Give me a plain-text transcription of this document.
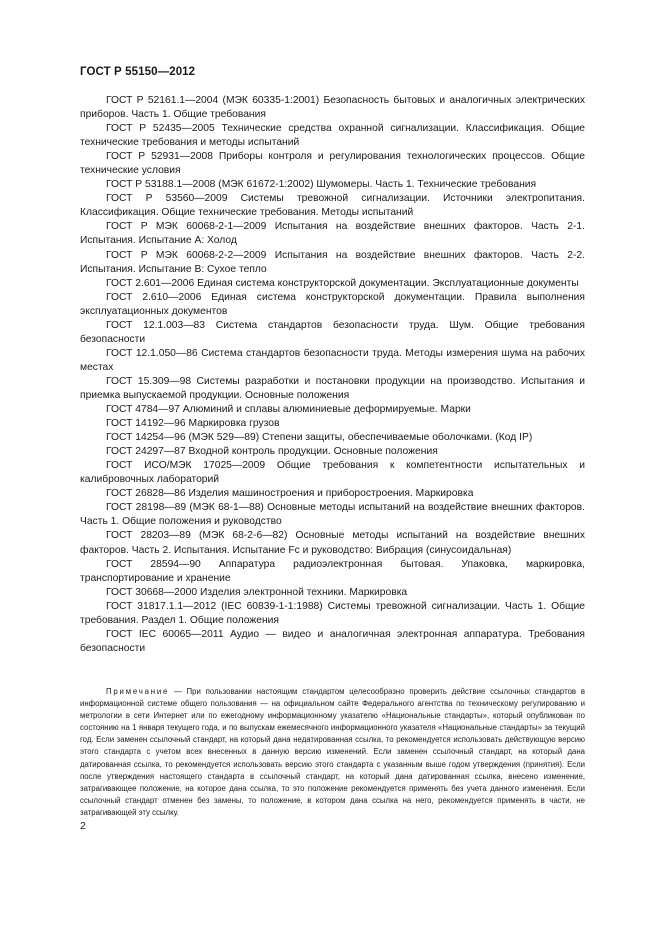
ГОСТ Р 55150—2012

ГОСТ Р 52161.1—2004 (МЭК 60335-1:2001) Безопасность бытовых и аналогичных электрических приборов. Часть 1. Общие требования

ГОСТ Р 52435—2005 Технические средства охранной сигнализации. Классификация. Общие технические требования и методы испытаний

ГОСТ Р 52931—2008 Приборы контроля и регулирования технологических процессов. Общие технические условия

ГОСТ Р 53188.1—2008 (МЭК 61672-1:2002) Шумомеры. Часть 1. Технические требования

ГОСТ Р 53560—2009 Системы тревожной сигнализации. Источники электропитания. Классификация. Общие технические требования. Методы испытаний

ГОСТ Р МЭК 60068-2-1—2009 Испытания на воздействие внешних факторов. Часть 2-1. Испытания. Испытание А: Холод

ГОСТ Р МЭК 60068-2-2—2009 Испытания на воздействие внешних факторов. Часть 2-2. Испытания. Испытание В: Сухое тепло

ГОСТ 2.601—2006 Единая система конструкторской документации. Эксплуатационные документы

ГОСТ 2.610—2006 Единая система конструкторской документации. Правила выполнения эксплуатационных документов

ГОСТ 12.1.003—83 Система стандартов безопасности труда. Шум. Общие требования безопасности

ГОСТ 12.1.050—86 Система стандартов безопасности труда. Методы измерения шума на рабочих местах

ГОСТ 15.309—98 Системы разработки и постановки продукции на производство. Испытания и приемка выпускаемой продукции. Основные положения

ГОСТ 4784—97 Алюминий и сплавы алюминиевые деформируемые. Марки

ГОСТ 14192—96 Маркировка грузов

ГОСТ 14254—96 (МЭК 529—89) Степени защиты, обеспечиваемые оболочками. (Код IP)

ГОСТ 24297—87 Входной контроль продукции. Основные положения

ГОСТ ИСО/МЭК 17025—2009 Общие требования к компетентности испытательных и калибровочных лабораторий

ГОСТ 26828—86 Изделия машиностроения и приборостроения. Маркировка

ГОСТ 28198—89 (МЭК 68-1—88) Основные методы испытаний на воздействие внешних факторов. Часть 1. Общие положения и руководство

ГОСТ 28203—89 (МЭК 68-2-6—82) Основные методы испытаний на воздействие внешних факторов. Часть 2. Испытания. Испытание Fc и руководство: Вибрация (синусоидальная)

ГОСТ 28594—90 Аппаратура радиоэлектронная бытовая. Упаковка, маркировка, транспортирование и хранение

ГОСТ 30668—2000 Изделия электронной техники. Маркировка

ГОСТ 31817.1.1—2012 (IEC 60839-1-1:1988) Системы тревожной сигнализации. Часть 1. Общие требования. Раздел 1. Общие положения

ГОСТ IEC 60065—2011 Аудио — видео и аналогичная электронная аппаратура. Требования безопасности

Примечание — При пользовании настоящим стандартом целесообразно проверить действие ссылочных стандартов в информационной системе общего пользования — на официальном сайте Федерального агентства по техническому регулированию и метрологии в сети Интернет или по ежегодному информационному указателю «Национальные стандарты», который опубликован по состоянию на 1 января текущего года, и по выпускам ежемесячного информационного указателя «Национальные стандарты» за текущий год. Если заменен ссылочный стандарт, на который дана недатированная ссылка, то рекомендуется использовать действующую версию этого стандарта с учетом всех внесенных в данную версию изменений. Если заменен ссылочный стандарт, на который дана датированная ссылка, то рекомендуется использовать версию этого стандарта с указанным выше годом утверждения (принятия). Если после утверждения настоящего стандарта в ссылочный стандарт, на который дана датированная ссылка, внесено изменение, затрагивающее положение, на которое дана ссылка, то это положение рекомендуется применять без учета данного изменения. Если ссылочный стандарт отменен без замены, то положение, в котором дана ссылка на него, рекомендуется применять в части, не затрагивающей эту ссылку.

2
